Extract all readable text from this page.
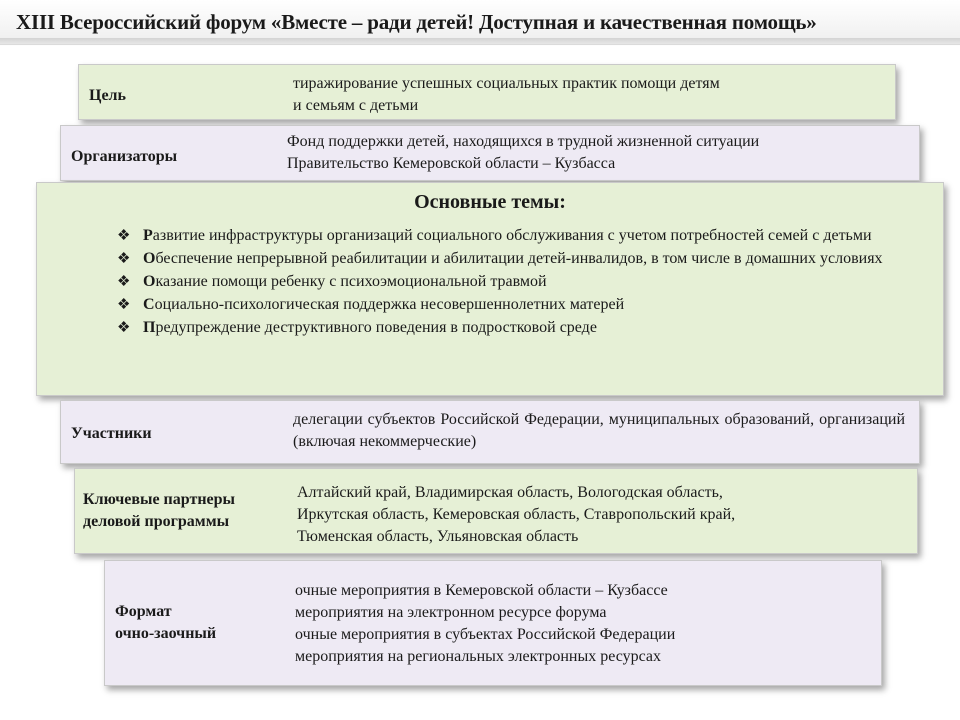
XIII Всероссийский форум «Вместе – ради детей! Доступная и качественная помощь»
Цель
тиражирование успешных социальных практик помощи детям
и семьям с детьми
Организаторы
Фонд поддержки детей, находящихся в трудной жизненной ситуации
Правительство Кемеровской области – Кузбасса
Основные темы:
❖ Развитие инфраструктуры организаций социального обслуживания с учетом потребностей семей с детьми
❖ Обеспечение непрерывной реабилитации и абилитации детей-инвалидов, в том числе в домашних условиях
❖ Оказание помощи ребенку с психоэмоциональной травмой
❖ Социально-психологическая поддержка несовершеннолетних матерей
❖ Предупреждение деструктивного поведения в подростковой среде
Участники
делегации субъектов Российской Федерации, муниципальных образований, организаций (включая некоммерческие)
Ключевые партнеры
деловой программы
Алтайский край, Владимирская область, Вологодская область,
Иркутская область, Кемеровская область, Ставропольский край,
Тюменская область, Ульяновская область
Формат
очно-заочный
очные мероприятия в Кемеровской области – Кузбассе
мероприятия на электронном ресурсе форума
очные мероприятия в субъектах Российской Федерации
мероприятия на региональных электронных ресурсах
